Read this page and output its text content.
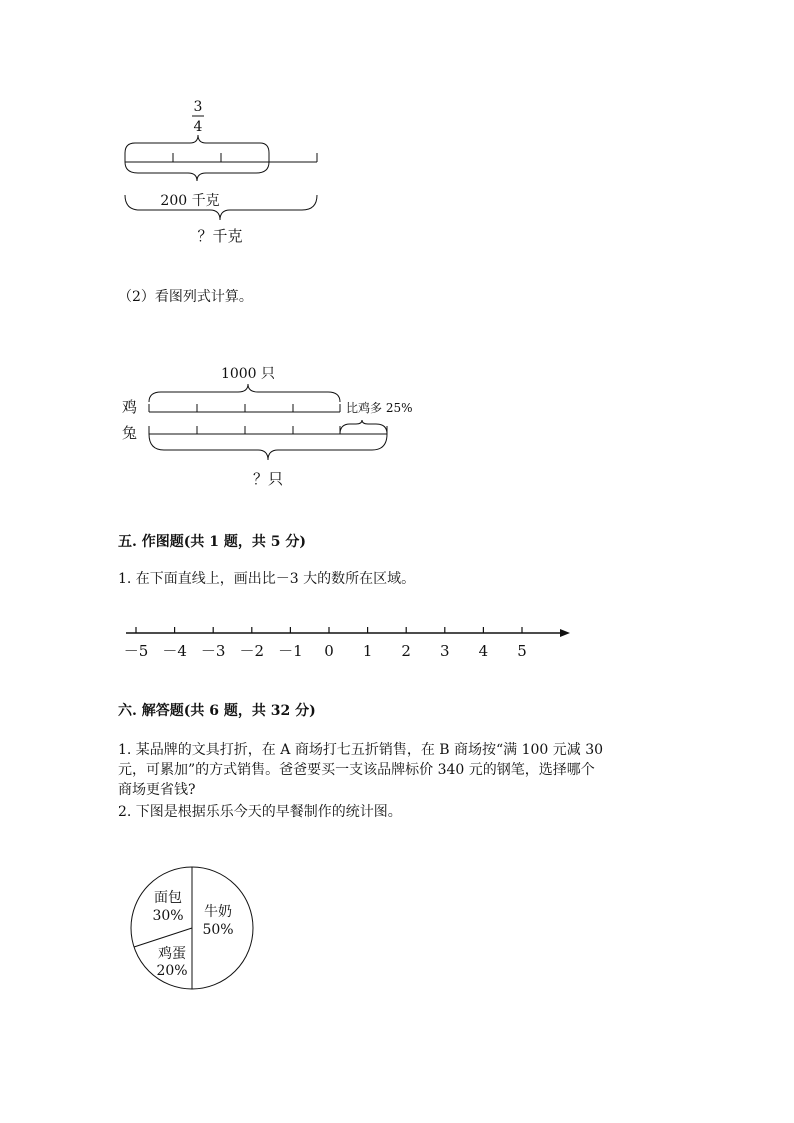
3
4
200 千克
？千克
（2）看图列式计算。
1000 只
鸡	比鸡多 25%
兔
？只
五. 作图题(共 1 题，共 5 分)
1. 在下面直线上，画出比－3 大的数所在区域。
－5 －4 －3 －2 －1 0 1 2 3 4 5
六. 解答题(共 6 题，共 32 分)
1. 某品牌的文具打折，在 A 商场打七五折销售，在 B 商场按“满 100 元减 30
元，可累加”的方式销售。爸爸要买一支该品牌标价 340 元的钢笔，选择哪个
商场更省钱?
2. 下图是根据乐乐今天的早餐制作的统计图。
牛奶
50%
面包
30%
鸡蛋
20%
